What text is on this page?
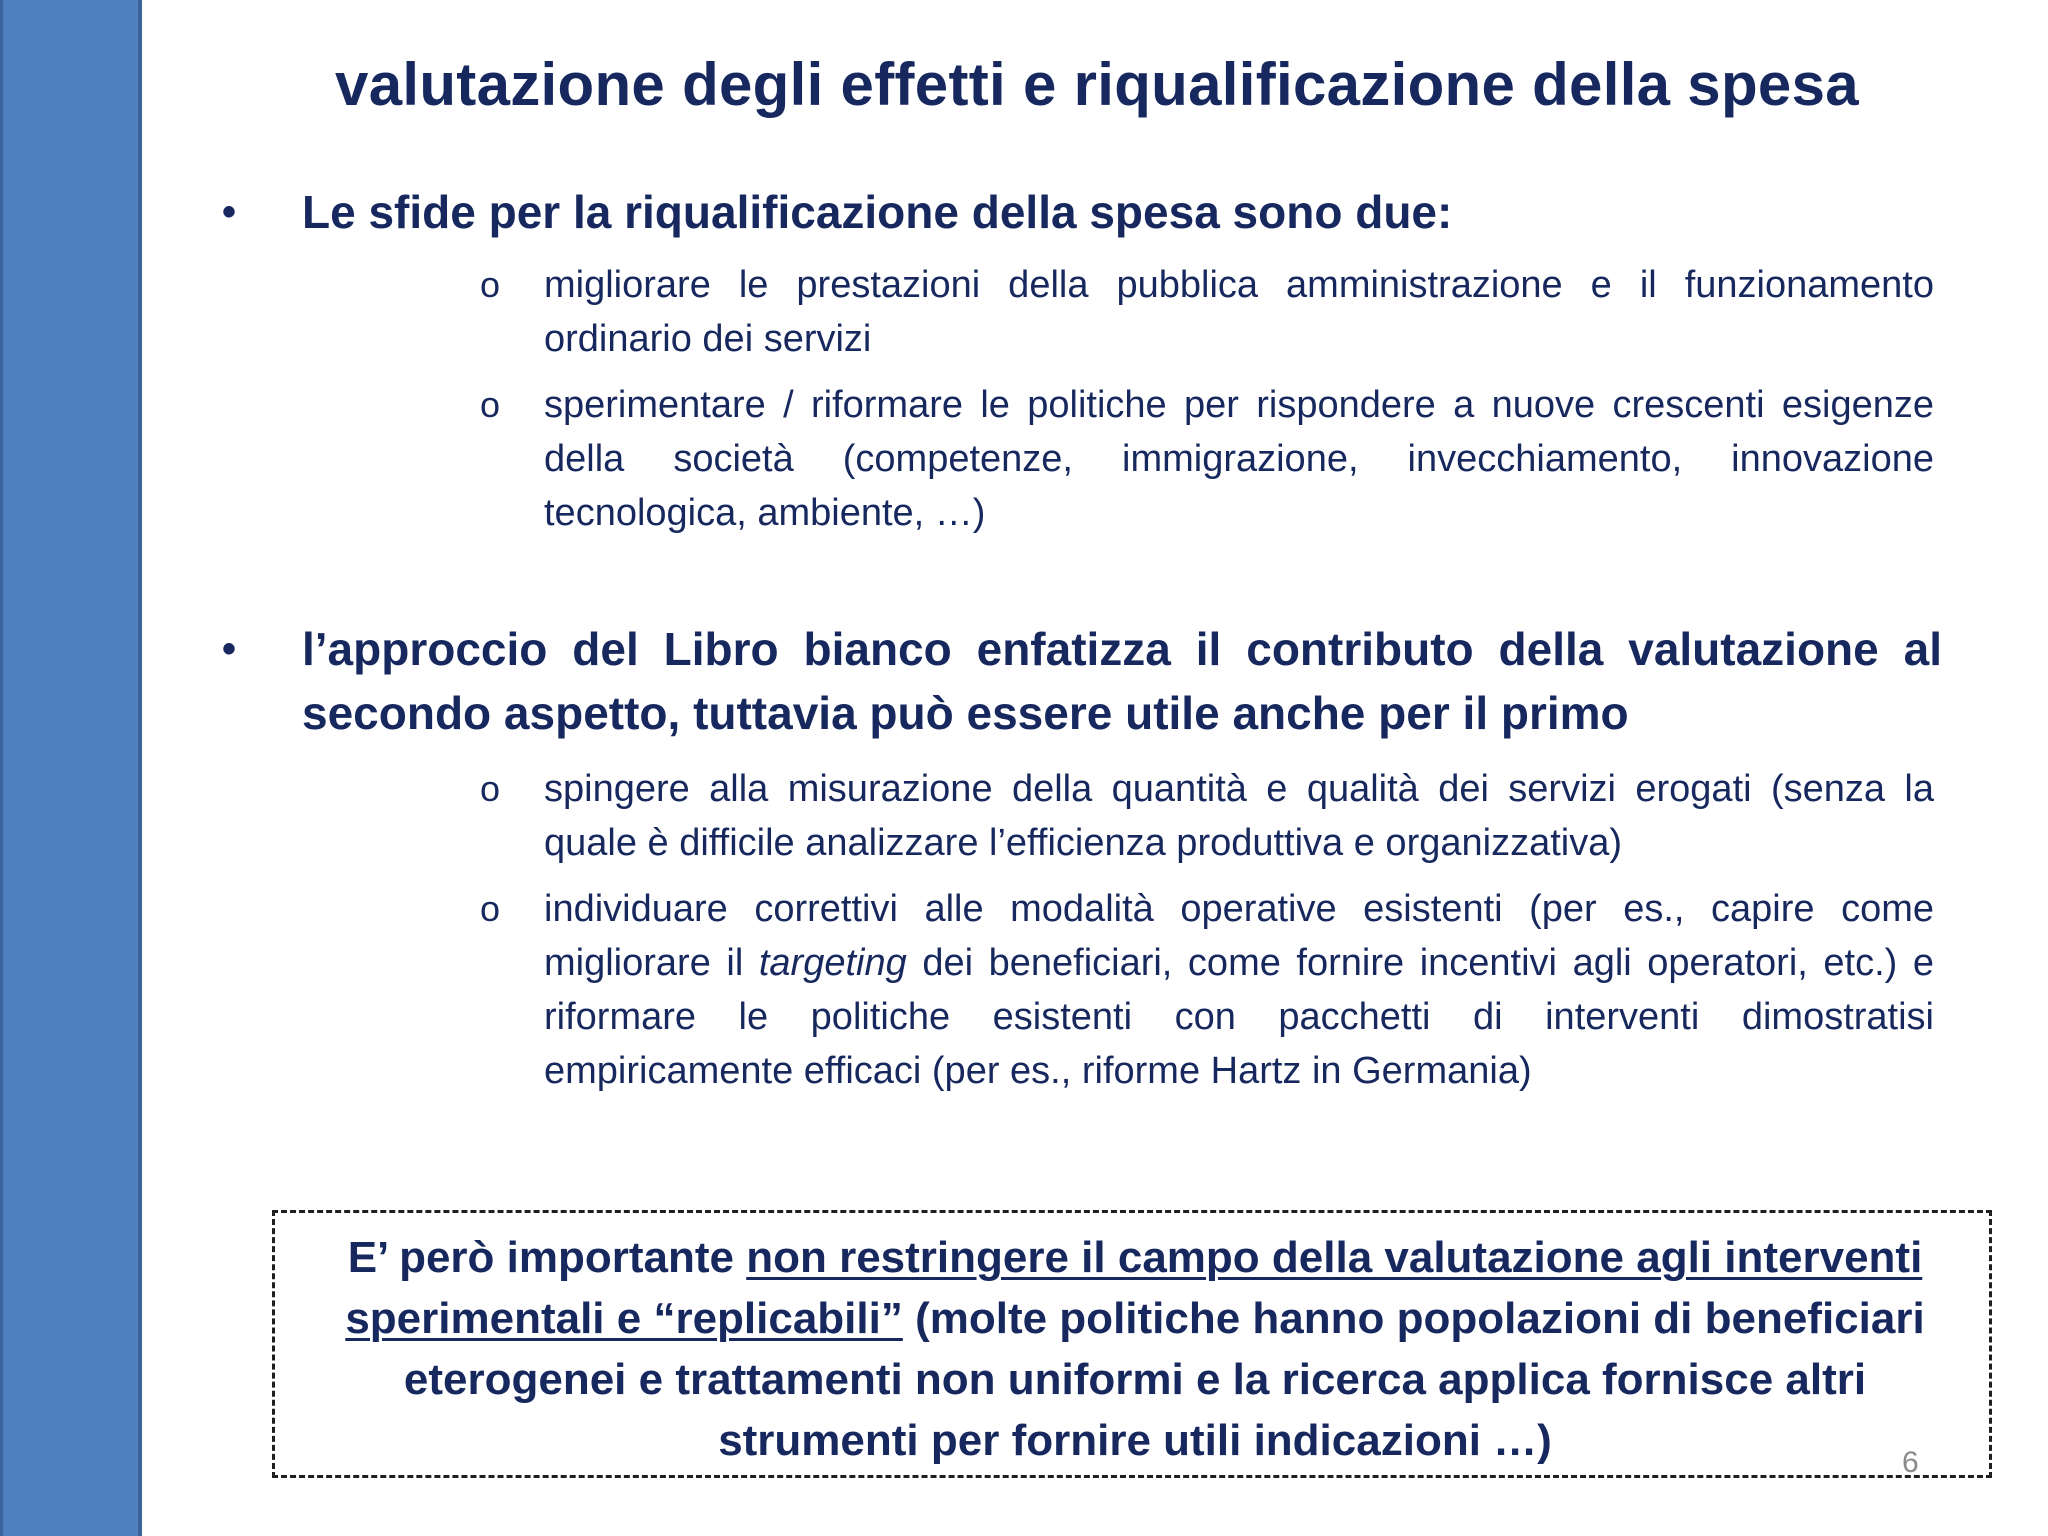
valutazione degli effetti e riqualificazione della spesa
• Le sfide per la riqualificazione della spesa sono due:
o migliorare le prestazioni della pubblica amministrazione e il funzionamento ordinario dei servizi
o sperimentare / riformare le politiche per rispondere a nuove crescenti esigenze della società (competenze, immigrazione, invecchiamento, innovazione tecnologica, ambiente, …)
• l’approccio del Libro bianco enfatizza il contributo della valutazione al secondo aspetto, tuttavia può essere utile anche per il primo
o spingere alla misurazione della quantità e qualità dei servizi erogati (senza la quale è difficile analizzare l’efficienza produttiva e organizzativa)
o individuare correttivi alle modalità operative esistenti (per es., capire come migliorare il targeting dei beneficiari, come fornire incentivi agli operatori, etc.) e riformare le politiche esistenti con pacchetti di interventi dimostratisi empiricamente efficaci (per es., riforme Hartz in Germania)
E’ però importante non restringere il campo della valutazione agli interventi sperimentali e “replicabili” (molte politiche hanno popolazioni di beneficiari eterogenei e trattamenti non uniformi e la ricerca applica fornisce altri strumenti per fornire utili indicazioni …)	6
